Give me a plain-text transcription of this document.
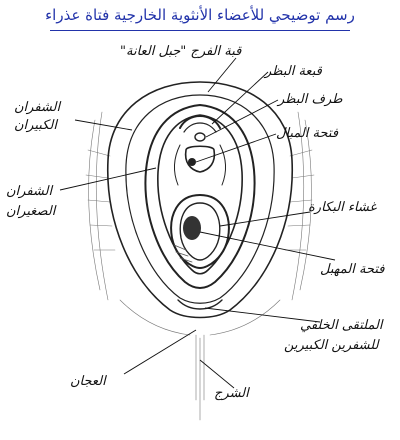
رسم توضيحي للأعضاء الأنثوية الخارجية فتاة عذراء
قبة الفرج "جبل العانة"
قبعة البظر
طرف البظر
الشفران
الكبيران
فتحة المبال
الشفران
الصغيران	غشاء البكارة
فتحة المهبل
الملتقى الخلفي
للشفرين الكبيرين
العجان
الشرج
